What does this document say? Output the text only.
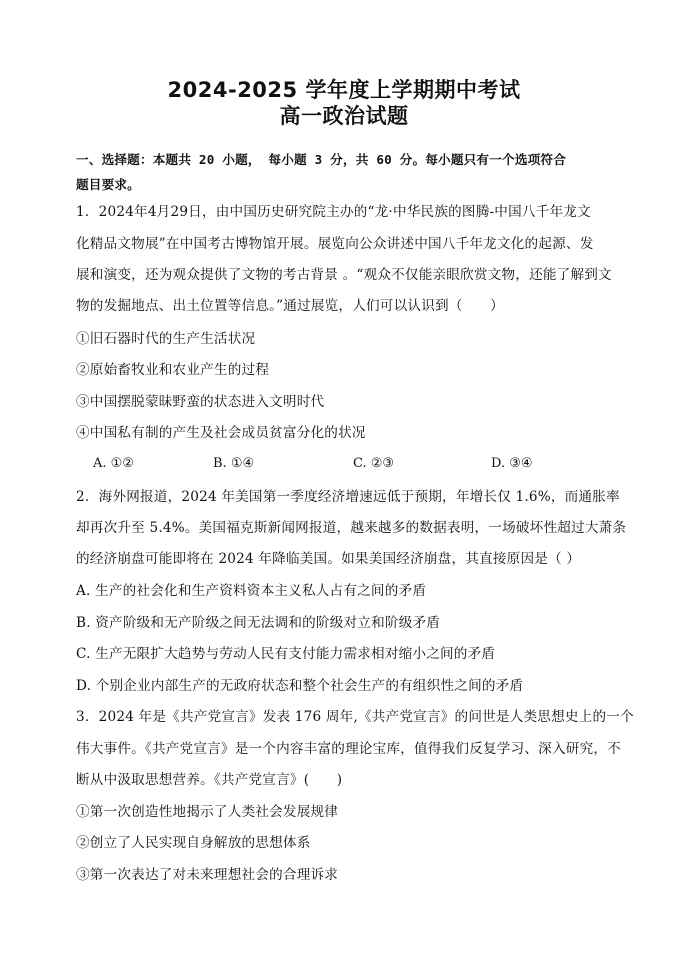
2024-2025 学年度上学期期中考试
高一政治试题
一、选择题：本题共 20 小题， 每小题 3 分，共 60 分。每小题只有一个选项符合
题目要求。
1．2024年4月29日，由中国历史研究院主办的“龙·中华民族的图腾-中国八千年龙文
化精品文物展”在中国考古博物馆开展。展览向公众讲述中国八千年龙文化的起源、发
展和演变，还为观众提供了文物的考古背景 。“观众不仅能亲眼欣赏文物，还能了解到文
物的发掘地点、出土位置等信息。”通过展览，人们可以认识到（　　）
①旧石器时代的生产生活状况
②原始畜牧业和农业产生的过程
③中国摆脱蒙昧野蛮的状态进入文明时代
④中国私有制的产生及社会成员贫富分化的状况
A. ①②	B. ①④	C. ②③	D. ③④
2．海外网报道，2024 年美国第一季度经济增速远低于预期，年增长仅 1.6%，而通胀率
却再次升至 5.4%。美国福克斯新闻网报道，越来越多的数据表明，一场破坏性超过大萧条
的经济崩盘可能即将在 2024 年降临美国。如果美国经济崩盘，其直接原因是（ ）
A. 生产的社会化和生产资料资本主义私人占有之间的矛盾
B. 资产阶级和无产阶级之间无法调和的阶级对立和阶级矛盾
C. 生产无限扩大趋势与劳动人民有支付能力需求相对缩小之间的矛盾
D. 个别企业内部生产的无政府状态和整个社会生产的有组织性之间的矛盾
3．2024 年是《共产党宣言》发表 176 周年,《共产党宣言》的问世是人类思想史上的一个
伟大事件。《共产党宣言》是一个内容丰富的理论宝库，值得我们反复学习、深入研究，不
断从中汲取思想营养。《共产党宣言》(　　)
①第一次创造性地揭示了人类社会发展规律
②创立了人民实现自身解放的思想体系
③第一次表达了对未来理想社会的合理诉求
